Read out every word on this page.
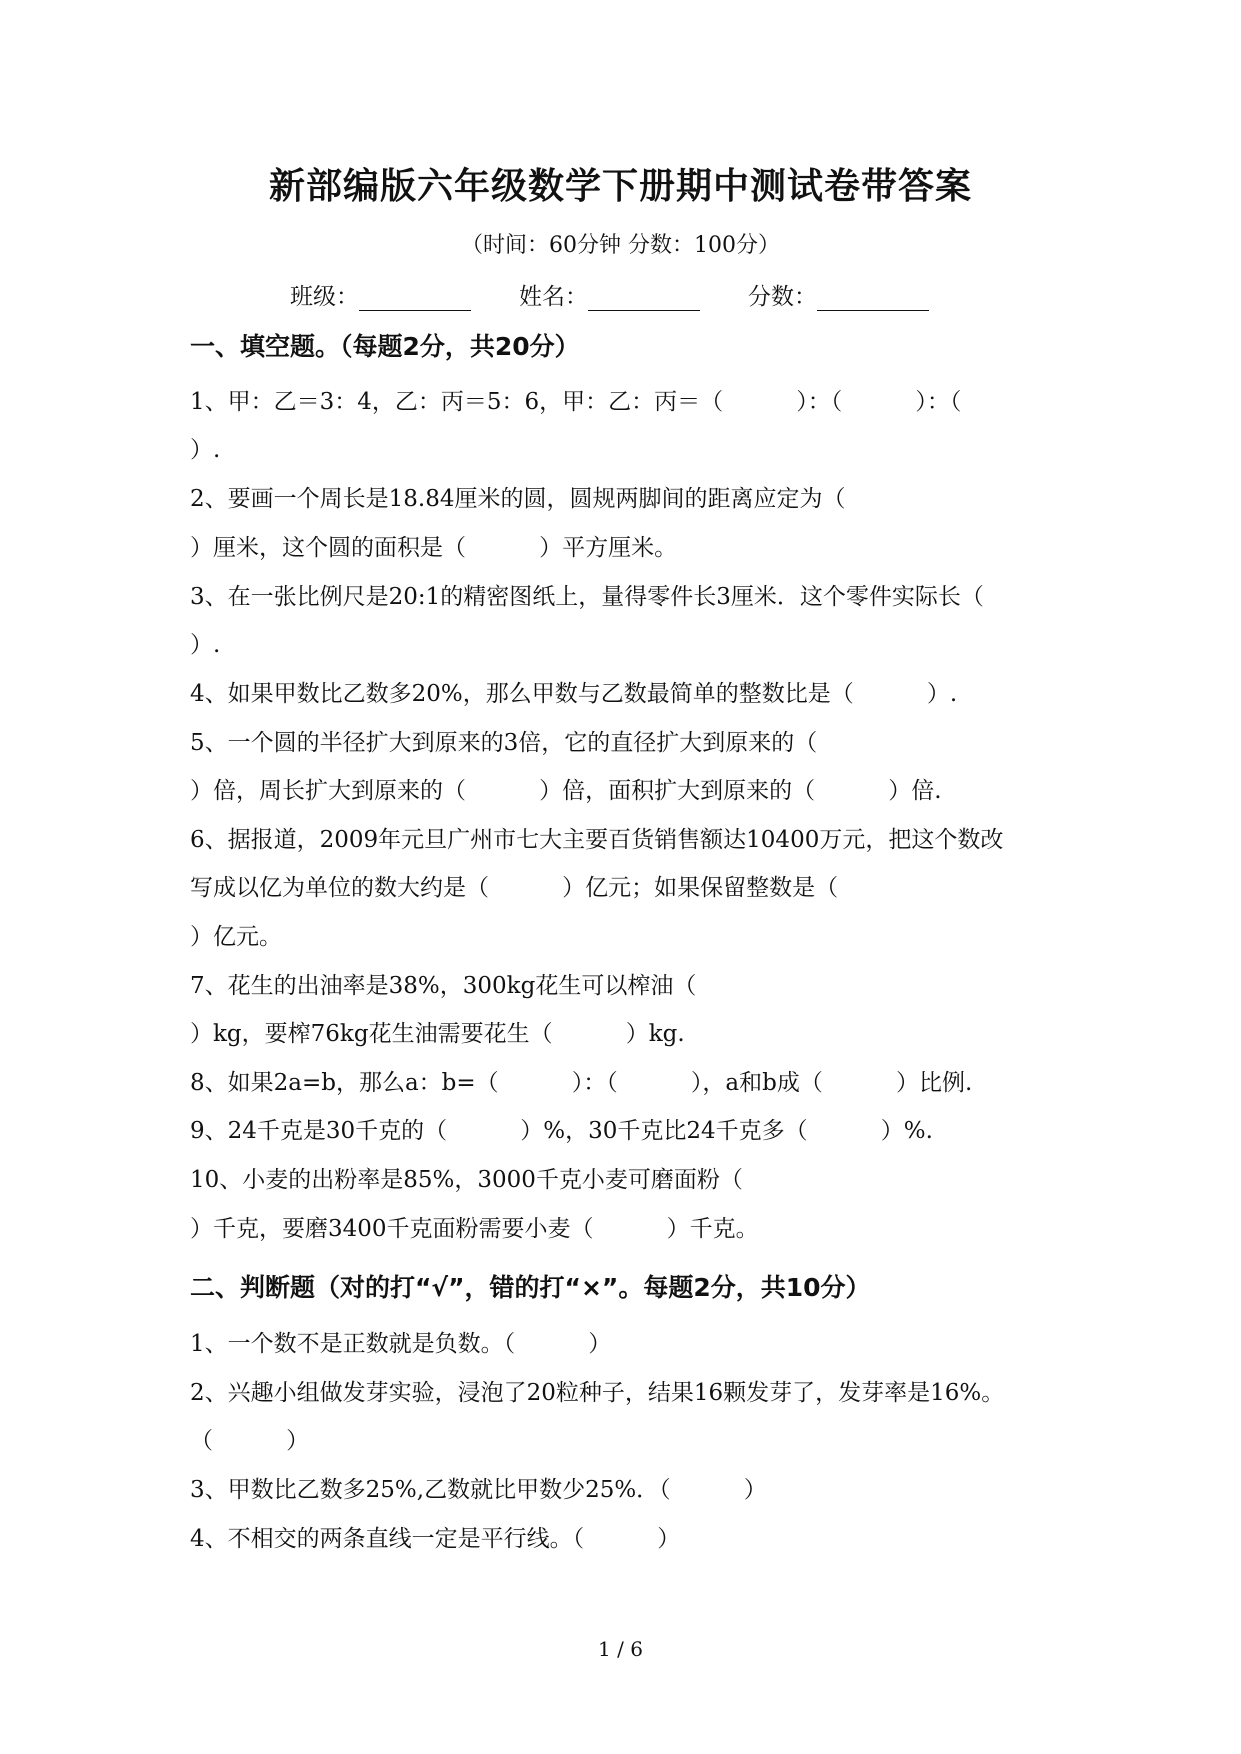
新部编版六年级数学下册期中测试卷带答案
（时间：60分钟 分数：100分）
班级：	姓名：	分数：
一、填空题。（每题2分，共20分）
1、甲：乙＝3：4，乙：丙＝5：6，甲：乙：丙＝（          ）：（          ）：（
）.
2、要画一个周长是18.84厘米的圆，圆规两脚间的距离应定为（
）厘米，这个圆的面积是（          ）平方厘米。
3、在一张比例尺是20:1的精密图纸上，量得零件长3厘米．这个零件实际长（
）.
4、如果甲数比乙数多20%，那么甲数与乙数最简单的整数比是（          ）.
5、一个圆的半径扩大到原来的3倍，它的直径扩大到原来的（
）倍，周长扩大到原来的（          ）倍，面积扩大到原来的（          ）倍.
6、据报道，2009年元旦广州市七大主要百货销售额达10400万元，把这个数改
写成以亿为单位的数大约是（          ）亿元；如果保留整数是（
）亿元。
7、花生的出油率是38%，300kg花生可以榨油（
）kg，要榨76kg花生油需要花生（          ）kg.
8、如果2a=b，那么a：b=（          ）：（          ），a和b成（          ）比例.
9、24千克是30千克的（          ）%，30千克比24千克多（          ）%.
10、小麦的出粉率是85%，3000千克小麦可磨面粉（
）千克，要磨3400千克面粉需要小麦（          ）千克。
二、判断题（对的打“√”，错的打“×”。每题2分，共10分）
1、一个数不是正数就是负数。（          ）
2、兴趣小组做发芽实验，浸泡了20粒种子，结果16颗发芽了，发芽率是16%。
（          ）
3、甲数比乙数多25%,乙数就比甲数少25%．（          ）
4、不相交的两条直线一定是平行线。（          ）
1 / 6
